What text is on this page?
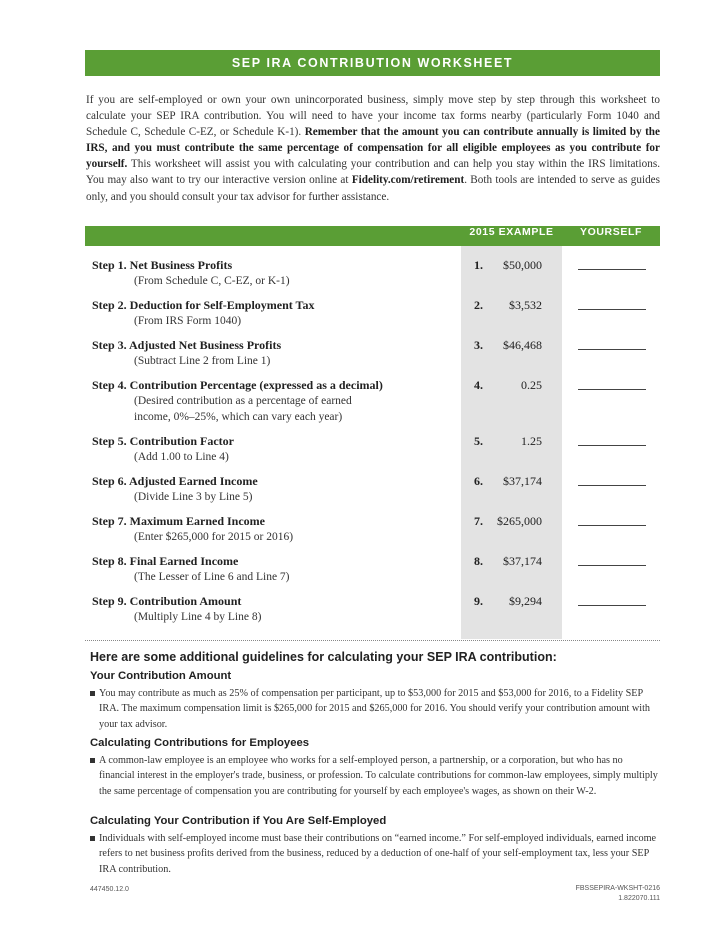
SEP IRA CONTRIBUTION WORKSHEET
If you are self-employed or own your own unincorporated business, simply move step by step through this worksheet to calculate your SEP IRA contribution. You will need to have your income tax forms nearby (particularly Form 1040 and Schedule C, Schedule C-EZ, or Schedule K-1). Remember that the amount you can contribute annually is limited by the IRS, and you must contribute the same percentage of compensation for all eligible employees as you contribute for yourself. This worksheet will assist you with calculating your contribution and can help you stay within the IRS limitations. You may also want to try our interactive version online at Fidelity.com/retirement. Both tools are intended to serve as guides only, and you should consult your tax advisor for further assistance.
2015 EXAMPLE	YOURSELF
Step 1. Net Business Profits
(From Schedule C, C-EZ, or K-1)
1.	$50,000
Step 2. Deduction for Self-Employment Tax
(From IRS Form 1040)
2.	$3,532
Step 3. Adjusted Net Business Profits
(Subtract Line 2 from Line 1)
3.	$46,468
Step 4. Contribution Percentage (expressed as a decimal)
(Desired contribution as a percentage of earned
income, 0%–25%, which can vary each year)
4.	0.25
Step 5. Contribution Factor
(Add 1.00 to Line 4)
5.	1.25
Step 6. Adjusted Earned Income
(Divide Line 3 by Line 5)
6.	$37,174
Step 7. Maximum Earned Income
(Enter $265,000 for 2015 or 2016)
7.	$265,000
Step 8. Final Earned Income
(The Lesser of Line 6 and Line 7)
8.	$37,174
Step 9. Contribution Amount
(Multiply Line 4 by Line 8)
9.	$9,294
Here are some additional guidelines for calculating your SEP IRA contribution:
Your Contribution Amount
You may contribute as much as 25% of compensation per participant, up to $53,000 for 2015 and $53,000 for 2016, to a Fidelity SEP IRA. The maximum compensation limit is $265,000 for 2015 and $265,000 for 2016. You should verify your contribution amount with your tax advisor.
Calculating Contributions for Employees
A common-law employee is an employee who works for a self-employed person, a partnership, or a corporation, but who has no financial interest in the employer's trade, business, or profession. To calculate contributions for common-law employees, simply multiply the same percentage of compensation you are contributing for yourself by each employee's wages, as shown on their W-2.
Calculating Your Contribution if You Are Self-Employed
Individuals with self-employed income must base their contributions on “earned income.” For self-employed individuals, earned income refers to net business profits derived from the business, reduced by a deduction of one-half of your self-employment tax, less your SEP IRA contribution.
447450.12.0	FBSSEPIRA-WKSHT-0216
1.822070.111
